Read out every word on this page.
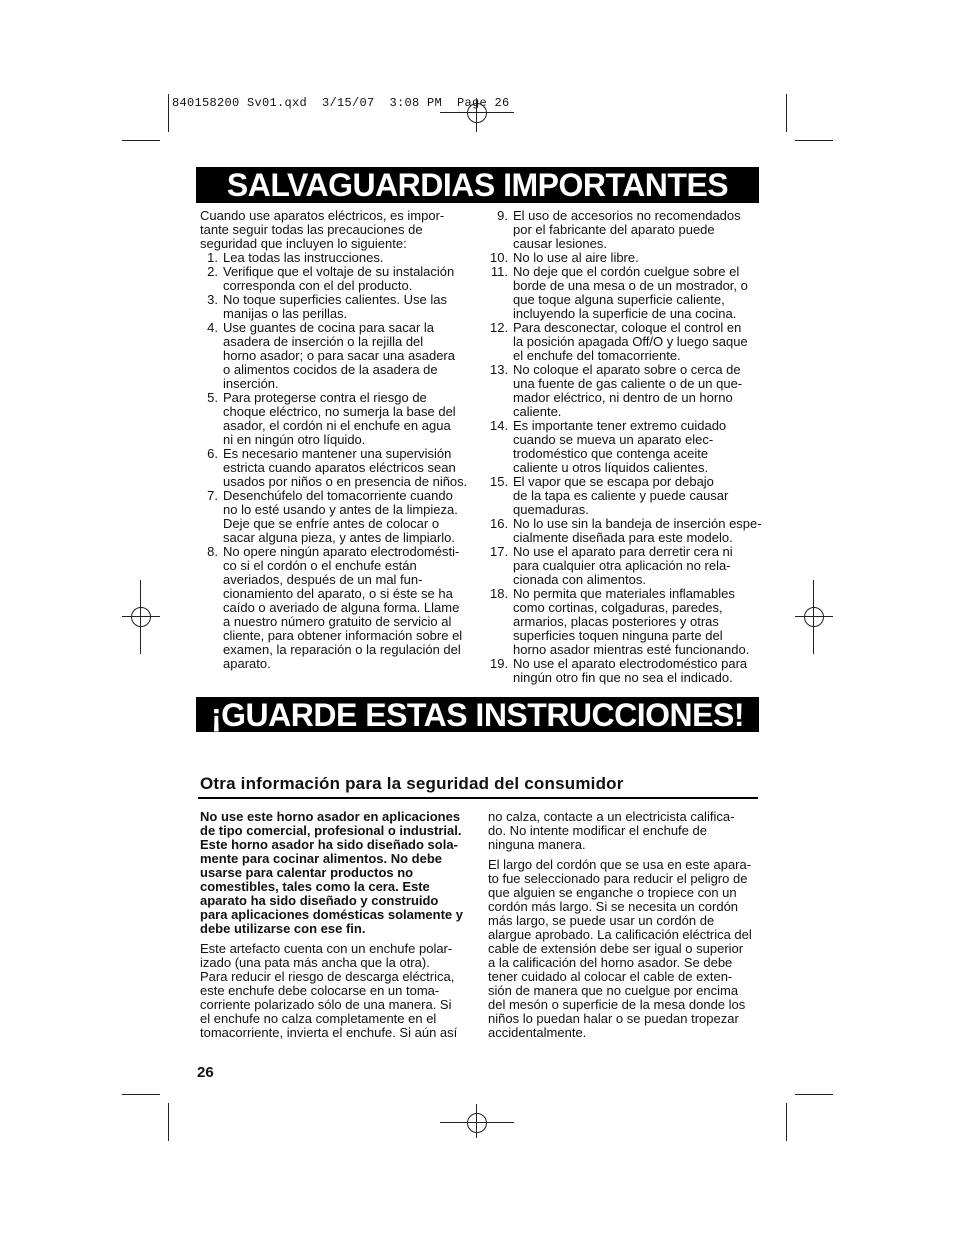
840158200 Sv01.qxd  3/15/07  3:08 PM  Page 26
SALVAGUARDIAS IMPORTANTES
Cuando use aparatos eléctricos, es impor-
tante seguir todas las precauciones de
seguridad que incluyen lo siguiente:
1. Lea todas las instrucciones.
2. Verifique que el voltaje de su instalación
corresponda con el del producto.
3. No toque superficies calientes. Use las
manijas o las perillas.
4. Use guantes de cocina para sacar la
asadera de inserción o la rejilla del
horno asador; o para sacar una asadera
o alimentos cocidos de la asadera de
inserción.
5. Para protegerse contra el riesgo de
choque eléctrico, no sumerja la base del
asador, el cordón ni el enchufe en agua
ni en ningún otro líquido.
6. Es necesario mantener una supervisión
estricta cuando aparatos eléctricos sean
usados por niños o en presencia de niños.
7. Desenchúfelo del tomacorriente cuando
no lo esté usando y antes de la limpieza.
Deje que se enfríe antes de colocar o
sacar alguna pieza, y antes de limpiarlo.
8. No opere ningún aparato electrodomésti-
co si el cordón o el enchufe están
averiados, después de un mal fun-
cionamiento del aparato, o si éste se ha
caído o averiado de alguna forma. Llame
a nuestro número gratuito de servicio al
cliente, para obtener información sobre el
examen, la reparación o la regulación del
aparato.
9. El uso de accesorios no recomendados
por el fabricante del aparato puede
causar lesiones.
10. No lo use al aire libre.
11. No deje que el cordón cuelgue sobre el
borde de una mesa o de un mostrador, o
que toque alguna superficie caliente,
incluyendo la superficie de una cocina.
12. Para desconectar, coloque el control en
la posición apagada Off/O y luego saque
el enchufe del tomacorriente.
13. No coloque el aparato sobre o cerca de
una fuente de gas caliente o de un que-
mador eléctrico, ni dentro de un horno
caliente.
14. Es importante tener extremo cuidado
cuando se mueva un aparato elec-
trodoméstico que contenga aceite
caliente u otros líquidos calientes.
15. El vapor que se escapa por debajo
de la tapa es caliente y puede causar
quemaduras.
16. No lo use sin la bandeja de inserción espe-
cialmente diseñada para este modelo.
17. No use el aparato para derretir cera ni
para cualquier otra aplicación no rela-
cionada con alimentos.
18. No permita que materiales inflamables
como cortinas, colgaduras, paredes,
armarios, placas posteriores y otras
superficies toquen ninguna parte del
horno asador mientras esté funcionando.
19. No use el aparato electrodoméstico para
ningún otro fin que no sea el indicado.
¡GUARDE ESTAS INSTRUCCIONES!
Otra información para la seguridad del consumidor

No use este horno asador en aplicaciones
de tipo comercial, profesional o industrial.
Este horno asador ha sido diseñado sola-
mente para cocinar alimentos. No debe
usarse para calentar productos no
comestibles, tales como la cera. Este
aparato ha sido diseñado y construido
para aplicaciones domésticas solamente y
debe utilizarse con ese fin.

Este artefacto cuenta con un enchufe polar-
izado (una pata más ancha que la otra).
Para reducir el riesgo de descarga eléctrica,
este enchufe debe colocarse en un toma-
corriente polarizado sólo de una manera. Si
el enchufe no calza completamente en el
tomacorriente, invierta el enchufe. Si aún así

no calza, contacte a un electricista califica-
do. No intente modificar el enchufe de
ninguna manera.

El largo del cordón que se usa en este apara-
to fue seleccionado para reducir el peligro de
que alguien se enganche o tropiece con un
cordón más largo. Si se necesita un cordón
más largo, se puede usar un cordón de
alargue aprobado. La calificación eléctrica del
cable de extensión debe ser igual o superior
a la calificación del horno asador. Se debe
tener cuidado al colocar el cable de exten-
sión de manera que no cuelgue por encima
del mesón o superficie de la mesa donde los
niños lo puedan halar o se puedan tropezar
accidentalmente.

26
